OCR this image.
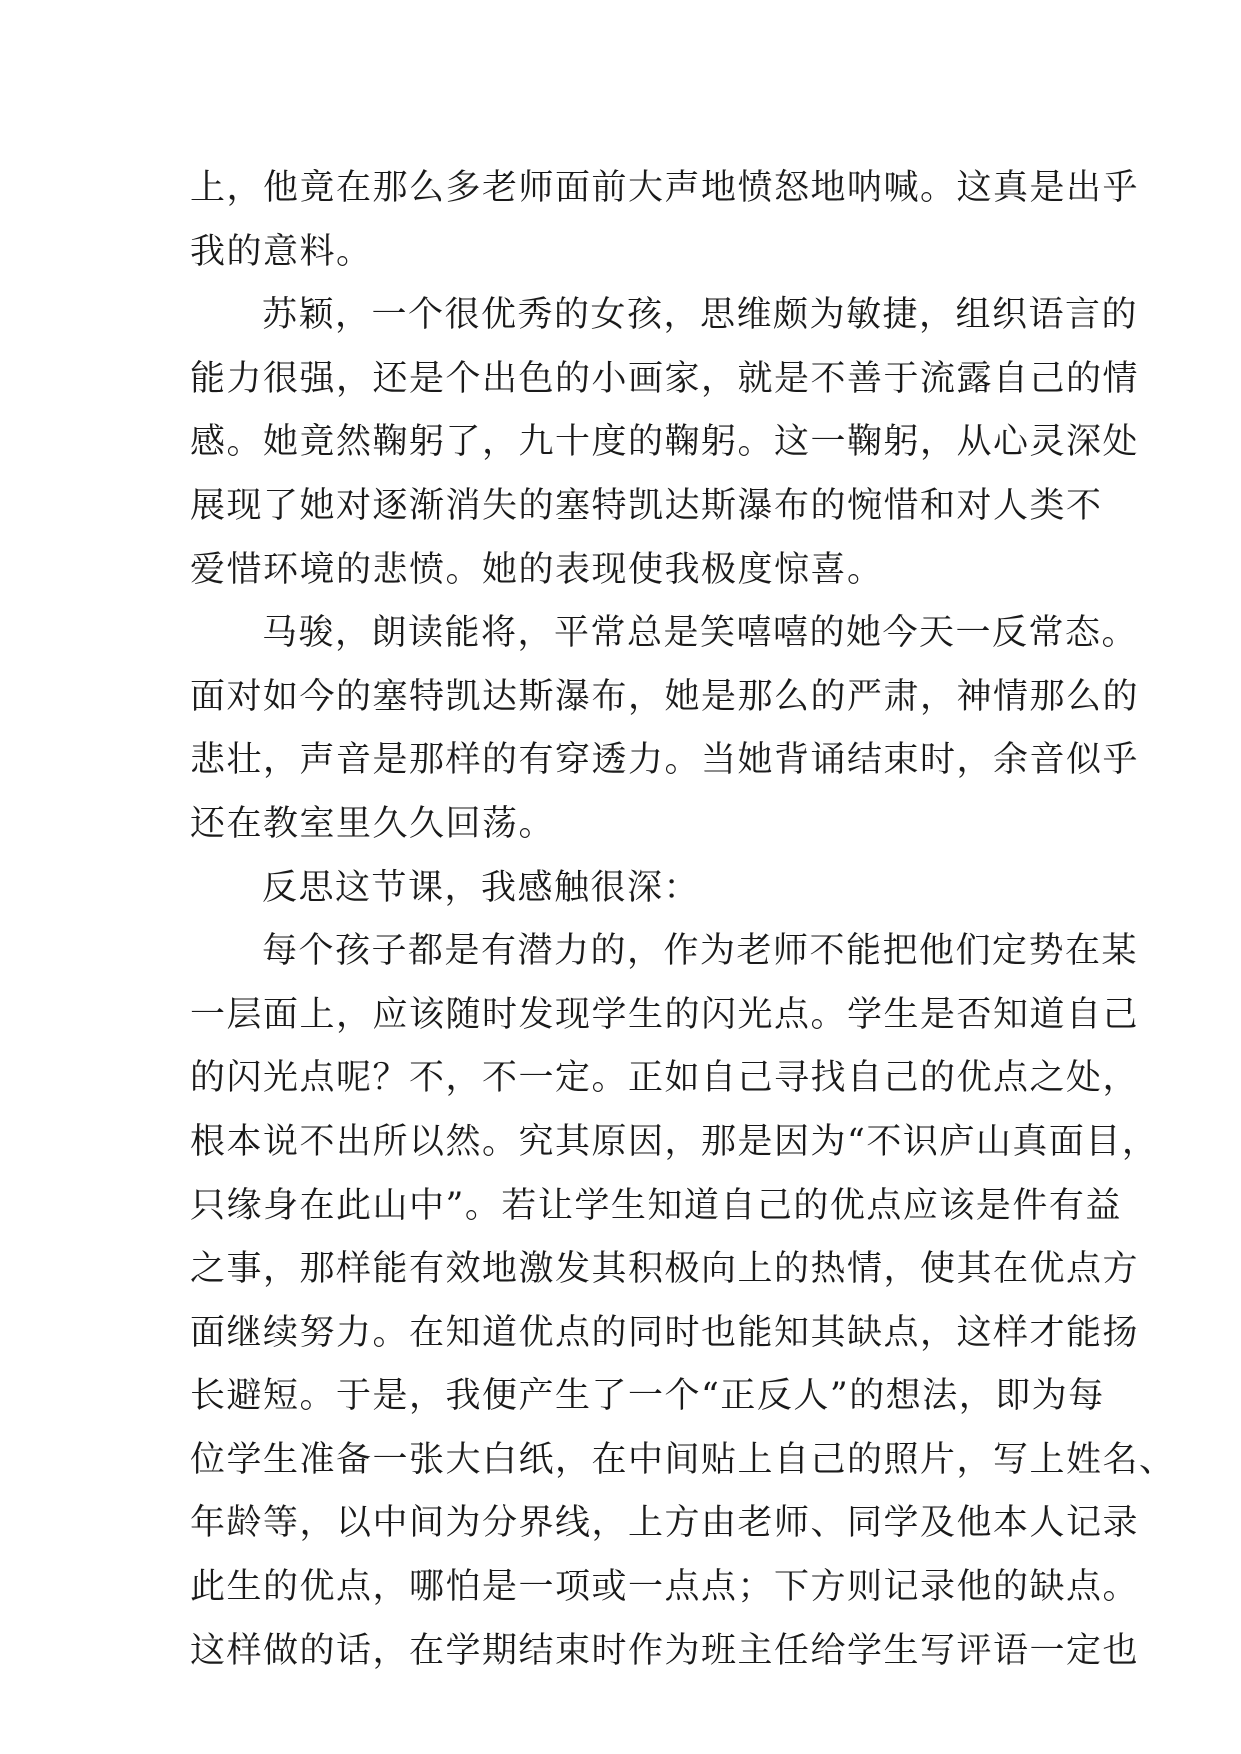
上，他竟在那么多老师面前大声地愤怒地呐喊。这真是出乎
我的意料。
苏颖，一个很优秀的女孩，思维颇为敏捷，组织语言的
能力很强，还是个出色的小画家，就是不善于流露自己的情
感。她竟然鞠躬了，九十度的鞠躬。这一鞠躬，从心灵深处
展现了她对逐渐消失的塞特凯达斯瀑布的惋惜和对人类不
爱惜环境的悲愤。她的表现使我极度惊喜。
马骏，朗读能将，平常总是笑嘻嘻的她今天一反常态。
面对如今的塞特凯达斯瀑布，她是那么的严肃，神情那么的
悲壮，声音是那样的有穿透力。当她背诵结束时，余音似乎
还在教室里久久回荡。
反思这节课，我感触很深：
每个孩子都是有潜力的，作为老师不能把他们定势在某
一层面上，应该随时发现学生的闪光点。学生是否知道自己
的闪光点呢？不，不一定。正如自己寻找自己的优点之处，
根本说不出所以然。究其原因，那是因为“不识庐山真面目，
只缘身在此山中”。若让学生知道自己的优点应该是件有益
之事，那样能有效地激发其积极向上的热情，使其在优点方
面继续努力。在知道优点的同时也能知其缺点，这样才能扬
长避短。于是，我便产生了一个“正反人”的想法，即为每
位学生准备一张大白纸，在中间贴上自己的照片，写上姓名、
年龄等，以中间为分界线，上方由老师、同学及他本人记录
此生的优点，哪怕是一项或一点点；下方则记录他的缺点。
这样做的话，在学期结束时作为班主任给学生写评语一定也
